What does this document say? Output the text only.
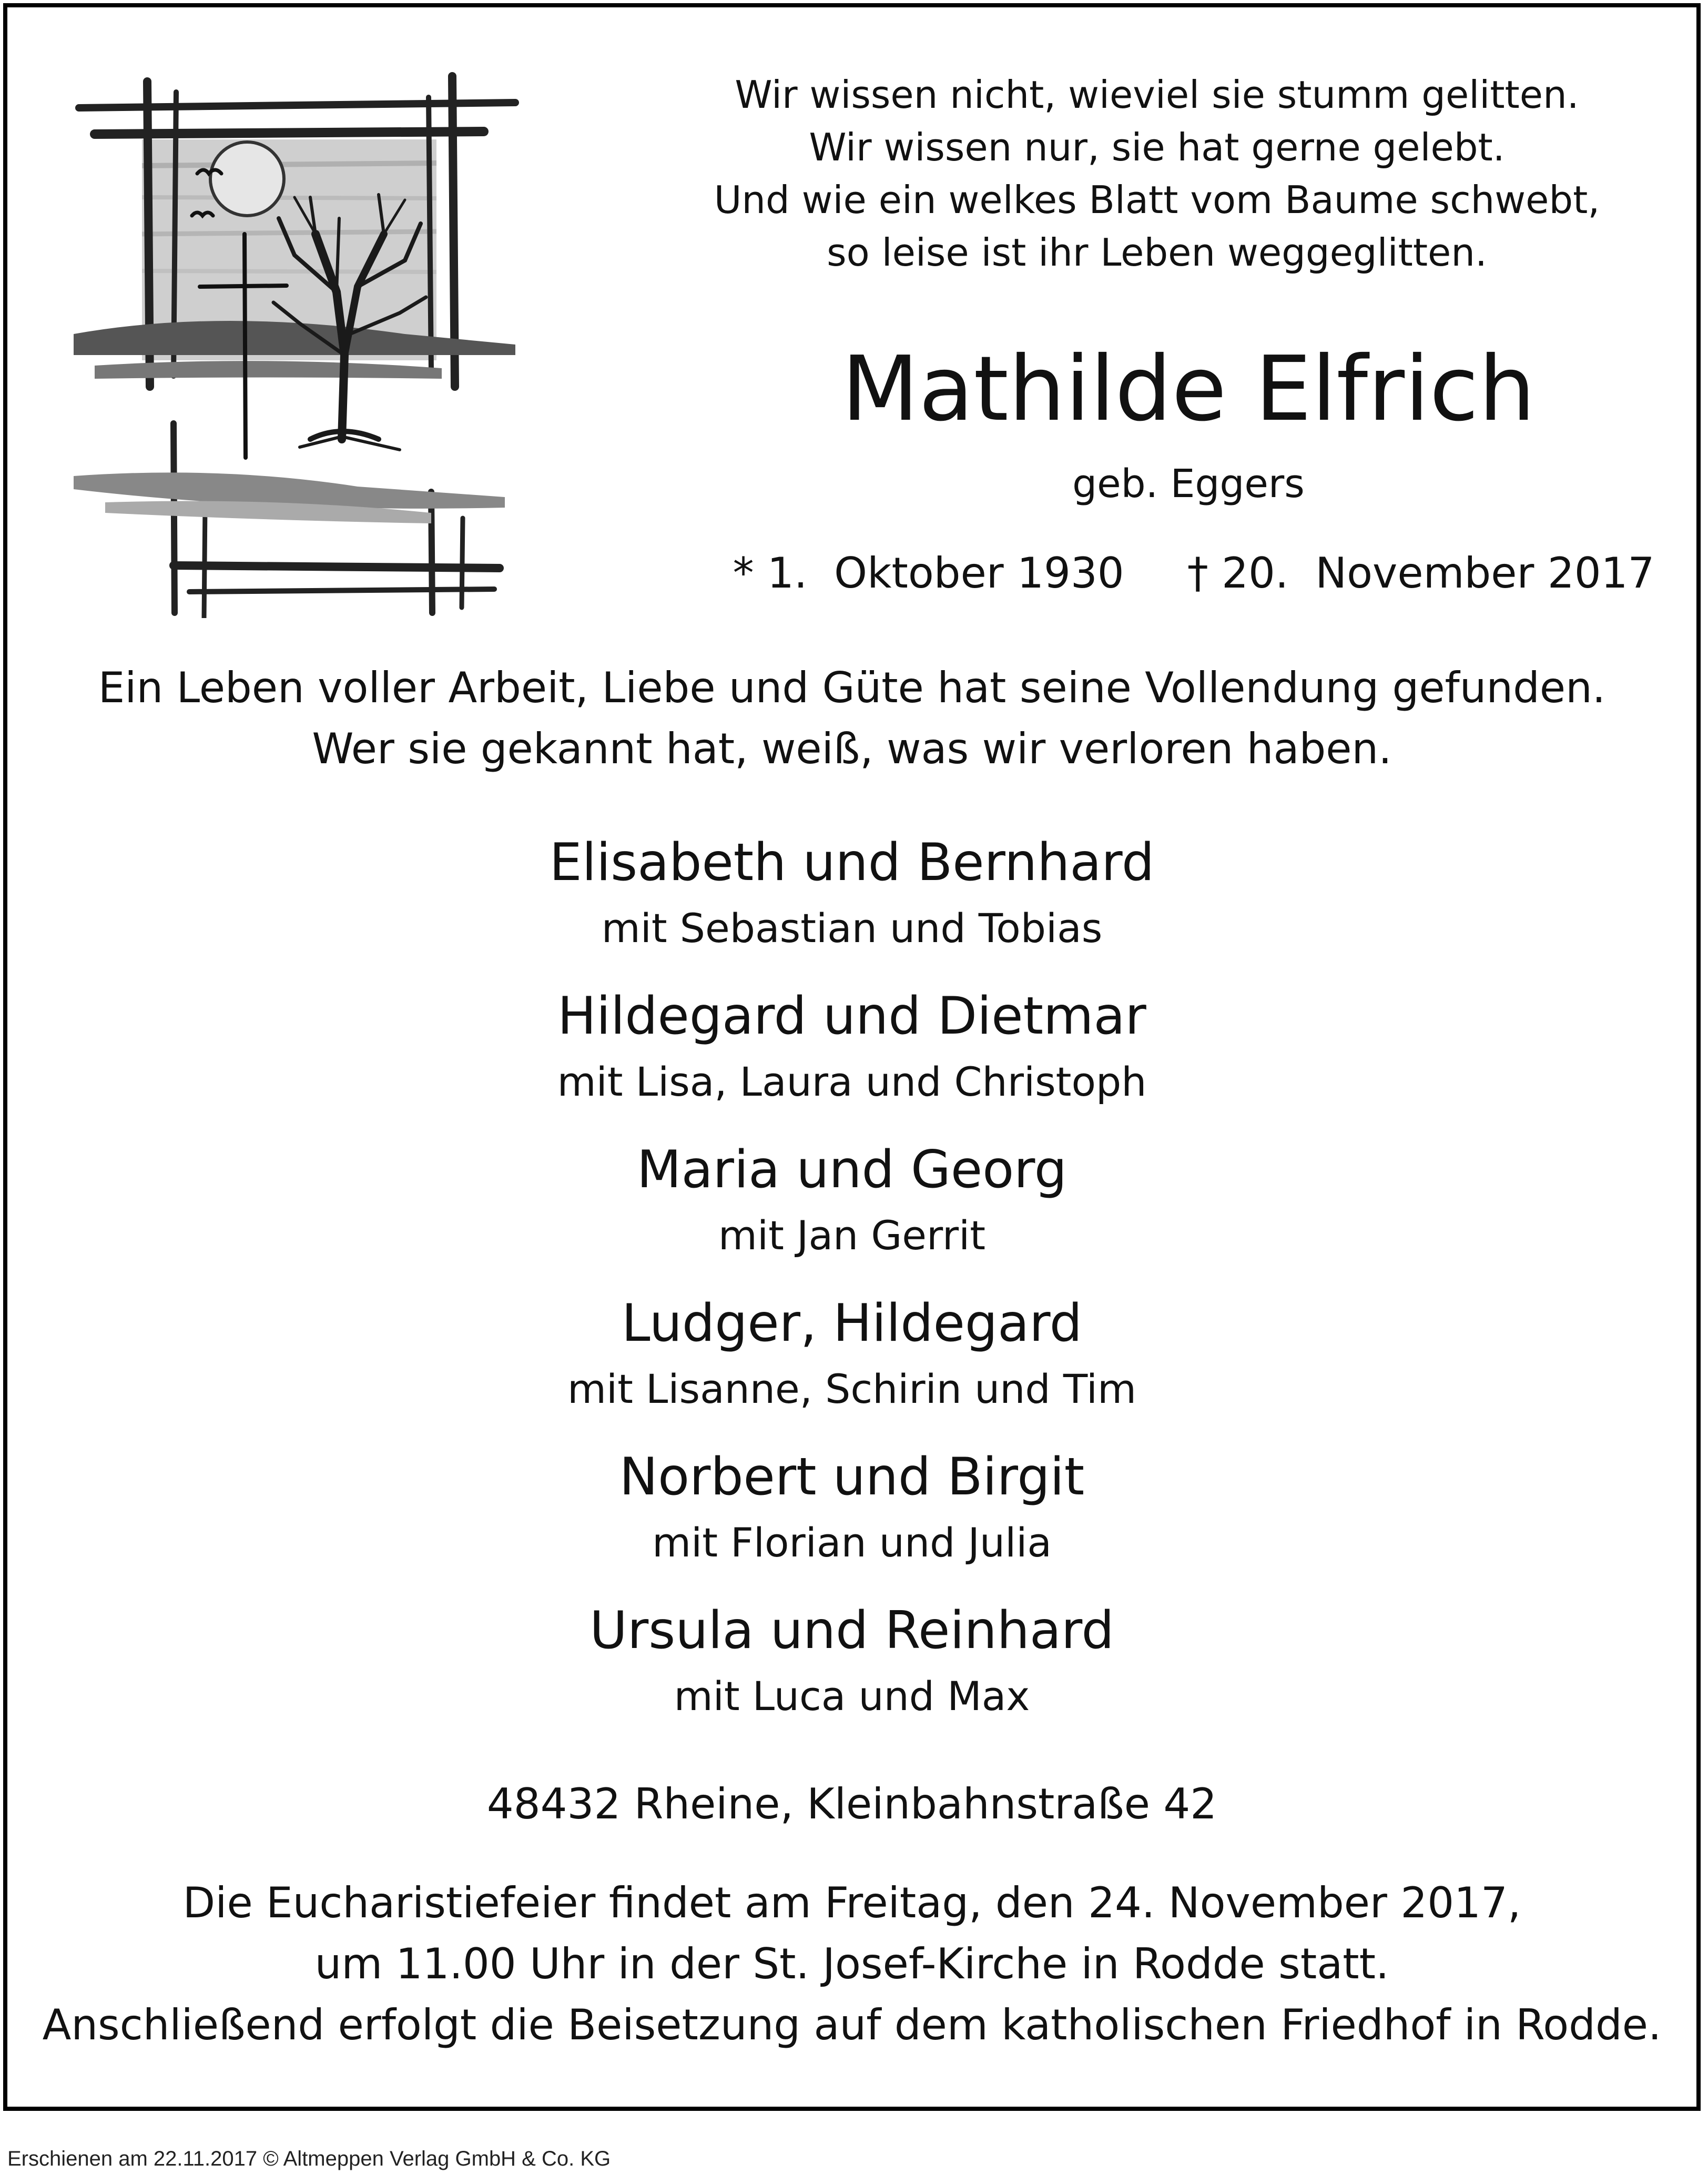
Wir wissen nicht, wieviel sie stumm gelitten.
Wir wissen nur, sie hat gerne gelebt.
Und wie ein welkes Blatt vom Baume schwebt,
so leise ist ihr Leben weggeglitten.
Mathilde Elfrich
geb. Eggers
* 1.  Oktober 1930 † 20.  November 2017
Ein Leben voller Arbeit, Liebe und Güte hat seine Vollendung gefunden.
Wer sie gekannt hat, weiß, was wir verloren haben.
Elisabeth und Bernhard
mit Sebastian und Tobias
Hildegard und Dietmar
mit Lisa, Laura und Christoph
Maria und Georg
mit Jan Gerrit
Ludger, Hildegard
mit Lisanne, Schirin und Tim
Norbert und Birgit
mit Florian und Julia
Ursula und Reinhard
mit Luca und Max
48432 Rheine, Kleinbahnstraße 42
Die Eucharistiefeier findet am Freitag, den 24. November 2017,
um 11.00 Uhr in der St. Josef-Kirche in Rodde statt.
Anschließend erfolgt die Beisetzung auf dem katholischen Friedhof in Rodde.
Erschienen am 22.11.2017 © Altmeppen Verlag GmbH & Co. KG
